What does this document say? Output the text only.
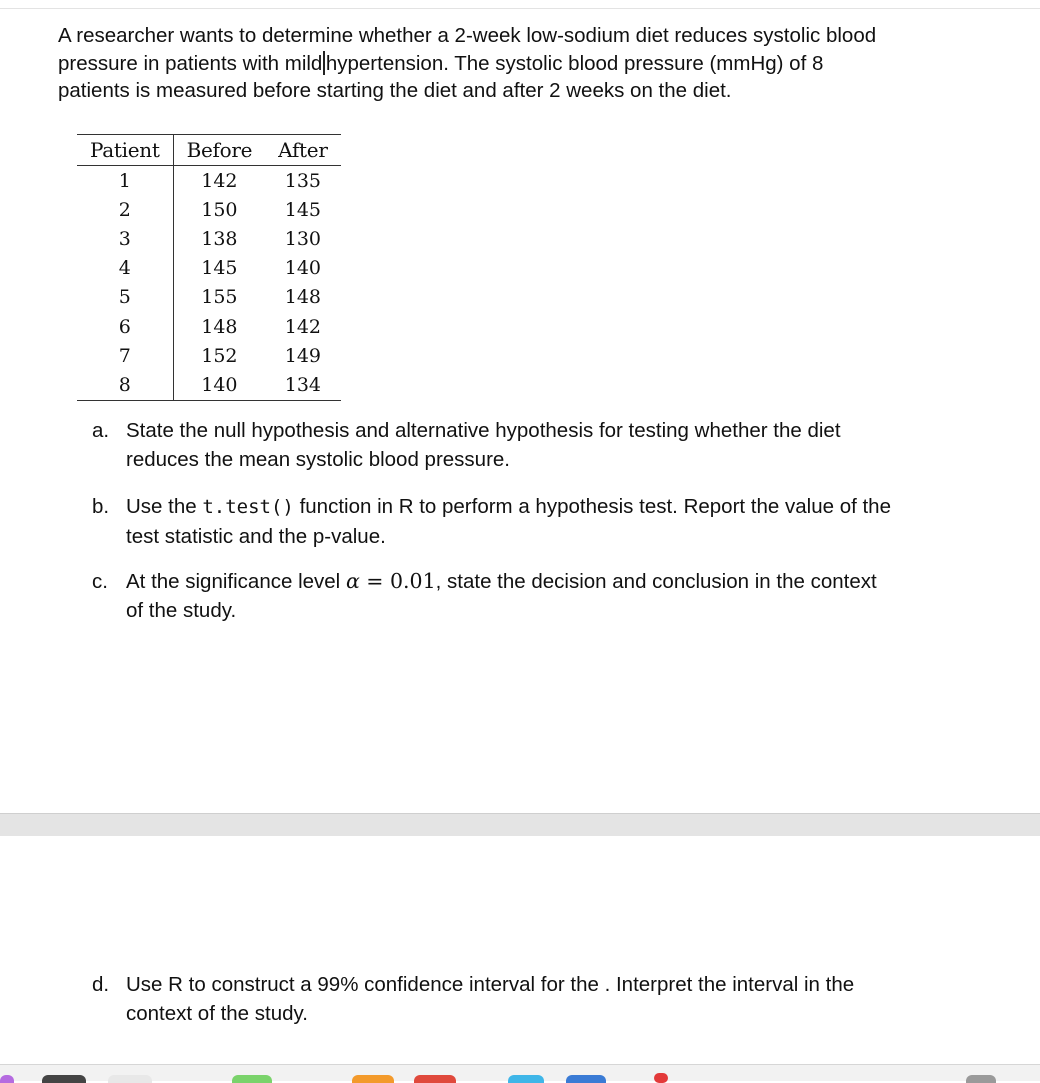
A researcher wants to determine whether a 2-week low-sodium diet reduces systolic blood
pressure in patients with mild hypertension. The systolic blood pressure (mmHg) of 8
patients is measured before starting the diet and after 2 weeks on the diet.

Patient	Before	After
1	142	135
2	150	145
3	138	130
4	145	140
5	155	148
6	148	142
7	152	149
8	140	134
a. State the null hypothesis and alternative hypothesis for testing whether the diet
reduces the mean systolic blood pressure.
b. Use the t.test() function in R to perform a hypothesis test. Report the value of the
test statistic and the p-value.
c. At the significance level α = 0.01, state the decision and conclusion in the context
of the study.
d. Use R to construct a 99% confidence interval for the . Interpret the interval in the
context of the study.
